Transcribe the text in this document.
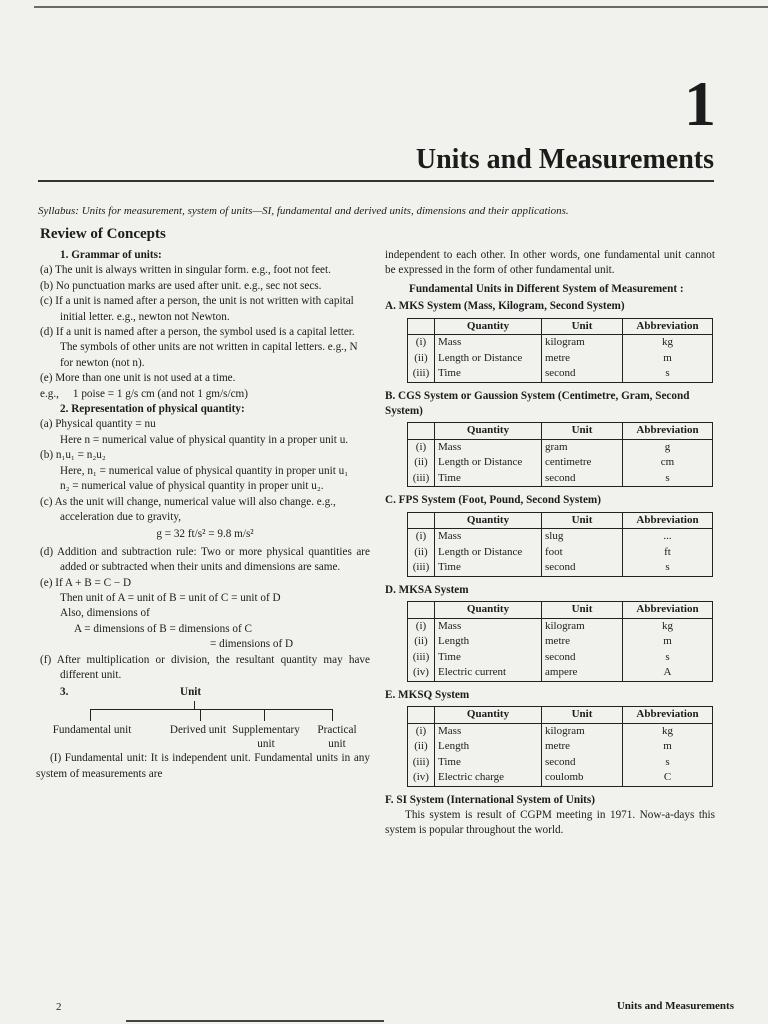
1
Units and Measurements
Syllabus: Units for measurement, system of units—SI, fundamental and derived units, dimensions and their applications.
Review of Concepts

1. Grammar of units:

(a) The unit is always written in singular form. e.g., foot not feet.

(b) No punctuation marks are used after unit. e.g., sec not secs.

(c) If a unit is named after a person, the unit is not written with capital initial letter. e.g., newton not Newton.

(d) If a unit is named after a person, the symbol used is a capital letter. The symbols of other units are not written in capital letters. e.g., N for newton (not n).

(e) More than one unit is not used at a time.

e.g.,     1 poise = 1 g/s cm (and not 1 gm/s/cm)

2. Representation of physical quantity:

(a) Physical quantity = nu

Here n = numerical value of physical quantity in a proper unit u.

(b) n₁u₁ = n₂u₂

Here, n₁ = numerical value of physical quantity in proper unit u₁

n₂ = numerical value of physical quantity in proper unit u₂.

(c) As the unit will change, numerical value will also change. e.g., acceleration due to gravity,

g = 32 ft/s² = 9.8 m/s²

(d) Addition and subtraction rule: Two or more physical quantities are added or subtracted when their units and dimensions are same.

(e) If A + B = C − D

Then unit of A = unit of B = unit of C = unit of D

Also, dimensions of

A = dimensions of B = dimensions of C

= dimensions of D

(f) After multiplication or division, the resultant quantity may have different unit.

3.	Unit
Fundamental unit	Derived unit Supplementary unit
Practical unit

(I) Fundamental unit: It is independent unit. Fundamental units in any system of measurements are

independent to each other. In other words, one fundamental unit cannot be expressed in the form of other fundamental unit.

Fundamental Units in Different System of Measurement :

A. MKS System (Mass, Kilogram, Second System)

	Quantity	Unit	Abbreviation
(i)	Mass	kilogram	kg
(ii)	Length or Distance	metre	m
(iii)	Time	second	s

B. CGS System or Gaussion System (Centimetre, Gram, Second System)

	Quantity	Unit	Abbreviation
(i)	Mass	gram	g
(ii)	Length or Distance	centimetre	cm
(iii)	Time	second	s

C. FPS System (Foot, Pound, Second System)

	Quantity	Unit	Abbreviation
(i)	Mass	slug	...
(ii)	Length or Distance	foot	ft
(iii)	Time	second	s

D. MKSA System

	Quantity	Unit	Abbreviation
(i)	Mass	kilogram	kg
(ii)	Length	metre	m
(iii)	Time	second	s
(iv)	Electric current	ampere	A

E. MKSQ System

	Quantity	Unit	Abbreviation
(i)	Mass	kilogram	kg
(ii)	Length	metre	m
(iii)	Time	second	s
(iv)	Electric charge	coulomb	C

F. SI System (International System of Units)

This system is result of CGPM meeting in 1971. Now-a-days this system is popular throughout the world.

2	Units and Measurements
